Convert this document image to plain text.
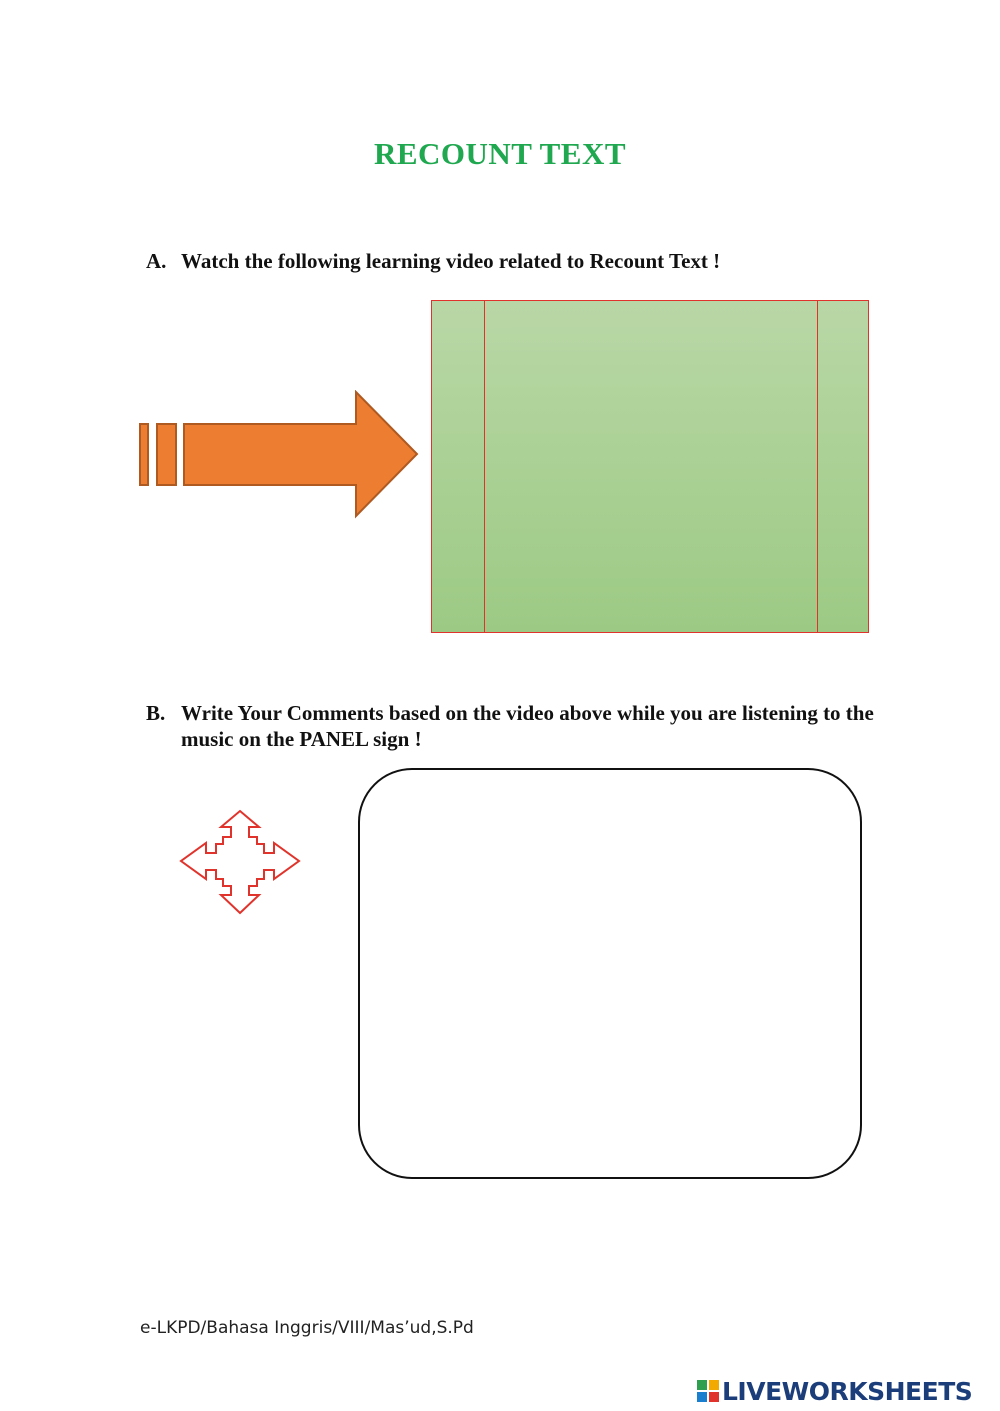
RECOUNT TEXT
A. Watch the following learning video related to Recount Text !
B. Write Your Comments based on the video above while you are listening to the music on the PANEL sign !
e-LKPD/Bahasa Inggris/VIII/Mas’ud,S.Pd
LIVEWORKSHEETS
